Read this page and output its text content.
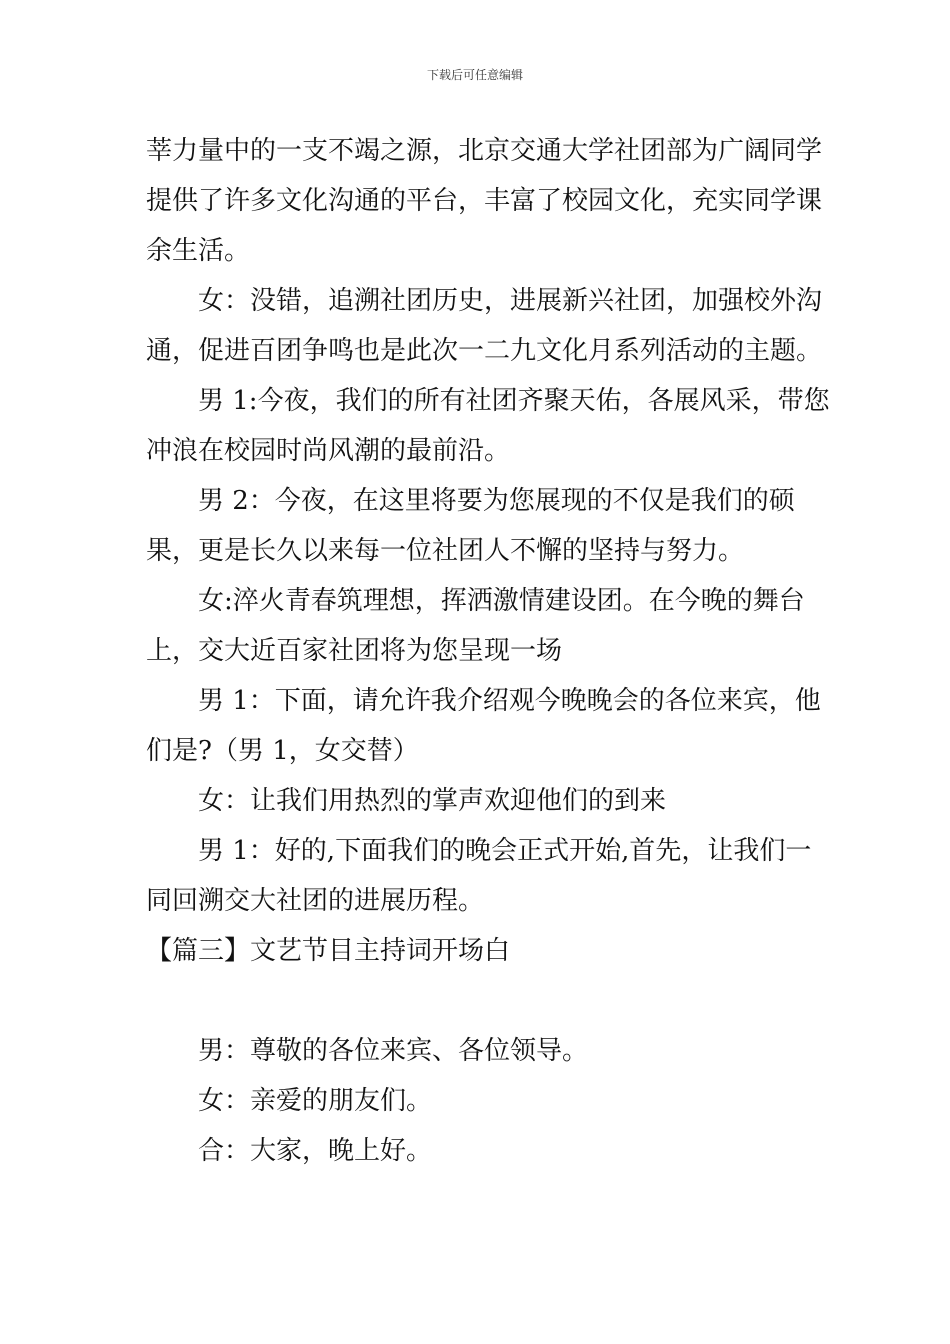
下载后可任意编辑

莘力量中的一支不竭之源，北京交通大学社团部为广阔同学提供了许多文化沟通的平台，丰富了校园文化，充实同学课余生活。

女：没错，追溯社团历史，进展新兴社团，加强校外沟通，促进百团争鸣也是此次一二九文化月系列活动的主题。

男 1:今夜，我们的所有社团齐聚天佑，各展风采，带您冲浪在校园时尚风潮的最前沿。

男 2：今夜，在这里将要为您展现的不仅是我们的硕果，更是长久以来每一位社团人不懈的坚持与努力。

女:淬火青春筑理想，挥洒激情建设团。在今晚的舞台上，交大近百家社团将为您呈现一场

男 1：下面，请允许我介绍观今晚晚会的各位来宾，他们是?（男 1，女交替）

女：让我们用热烈的掌声欢迎他们的到来

男 1：好的,下面我们的晚会正式开始,首先，让我们一同回溯交大社团的进展历程。

【篇三】文艺节目主持词开场白

男：尊敬的各位来宾、各位领导。

女：亲爱的朋友们。

合：大家，晚上好。
